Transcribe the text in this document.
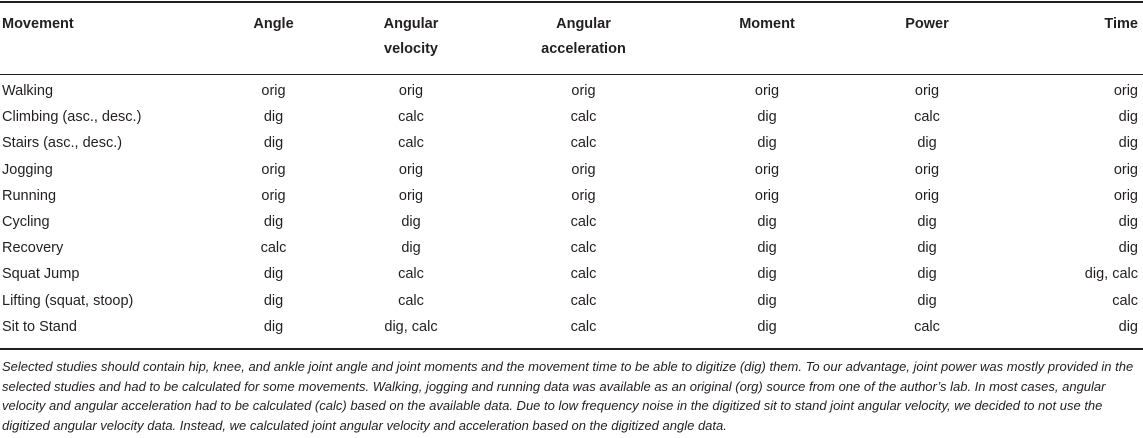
Movement	Angle	Angular velocity	Angular acceleration	Moment	Power	Time

Walking	orig	orig	orig	orig	orig	orig
Climbing (asc., desc.)	dig	calc	calc	dig	calc	dig
Stairs (asc., desc.)	dig	calc	calc	dig	dig	dig
Jogging	orig	orig	orig	orig	orig	orig
Running	orig	orig	orig	orig	orig	orig
Cycling	dig	dig	calc	dig	dig	dig
Recovery	calc	dig	calc	dig	dig	dig
Squat Jump	dig	calc	calc	dig	dig	dig, calc
Lifting (squat, stoop)	dig	calc	calc	dig	dig	calc
Sit to Stand	dig	dig, calc	calc	dig	calc	dig
Selected studies should contain hip, knee, and ankle joint angle and joint moments and the movement time to be able to digitize (dig) them. To our advantage, joint power was mostly provided in the selected studies and had to be calculated for some movements. Walking, jogging and running data was available as an original (org) source from one of the author’s lab. In most cases, angular velocity and angular acceleration had to be calculated (calc) based on the available data. Due to low frequency noise in the digitized sit to stand joint angular velocity, we decided to not use the digitized angular velocity data. Instead, we calculated joint angular velocity and acceleration based on the digitized angle data.
